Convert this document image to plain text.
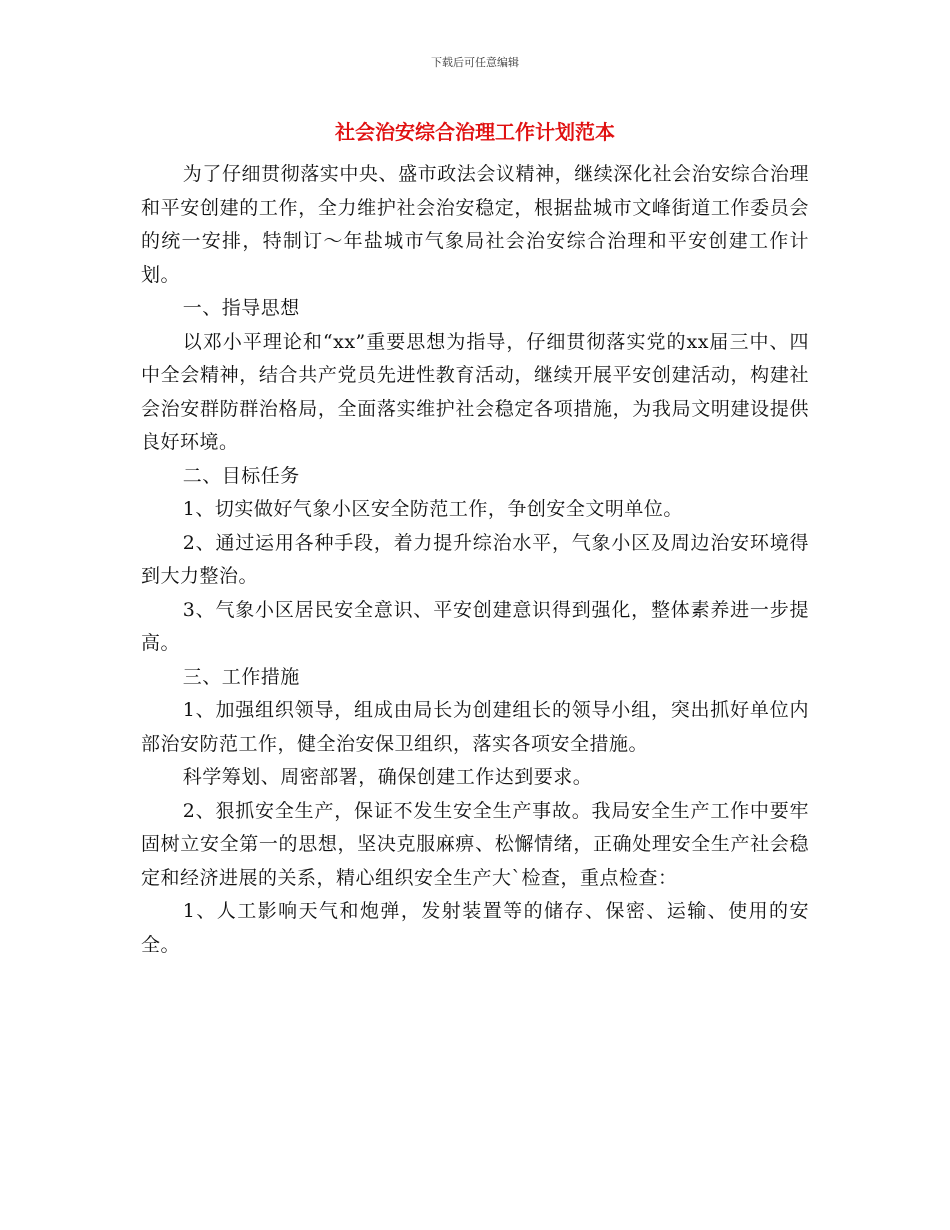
下载后可任意编辑
社会治安综合治理工作计划范本

为了仔细贯彻落实中央、盛市政法会议精神，继续深化社会治安综合治理和平安创建的工作，全力维护社会治安稳定，根据盐城市文峰街道工作委员会的统一安排，特制订～年盐城市气象局社会治安综合治理和平安创建工作计划。

一、指导思想

以邓小平理论和“xx”重要思想为指导，仔细贯彻落实党的xx届三中、四中全会精神，结合共产党员先进性教育活动，继续开展平安创建活动，构建社会治安群防群治格局，全面落实维护社会稳定各项措施，为我局文明建设提供良好环境。

二、目标任务

1、切实做好气象小区安全防范工作，争创安全文明单位。

2、通过运用各种手段，着力提升综治水平，气象小区及周边治安环境得到大力整治。

3、气象小区居民安全意识、平安创建意识得到强化，整体素养进一步提高。

三、工作措施

1、加强组织领导，组成由局长为创建组长的领导小组，突出抓好单位内部治安防范工作，健全治安保卫组织，落实各项安全措施。

科学筹划、周密部署，确保创建工作达到要求。

2、狠抓安全生产，保证不发生安全生产事故。我局安全生产工作中要牢固树立安全第一的思想，坚决克服麻痹、松懈情绪，正确处理安全生产社会稳定和经济进展的关系，精心组织安全生产大`检查，重点检查：

1、人工影响天气和炮弹，发射装置等的储存、保密、运输、使用的安全。
